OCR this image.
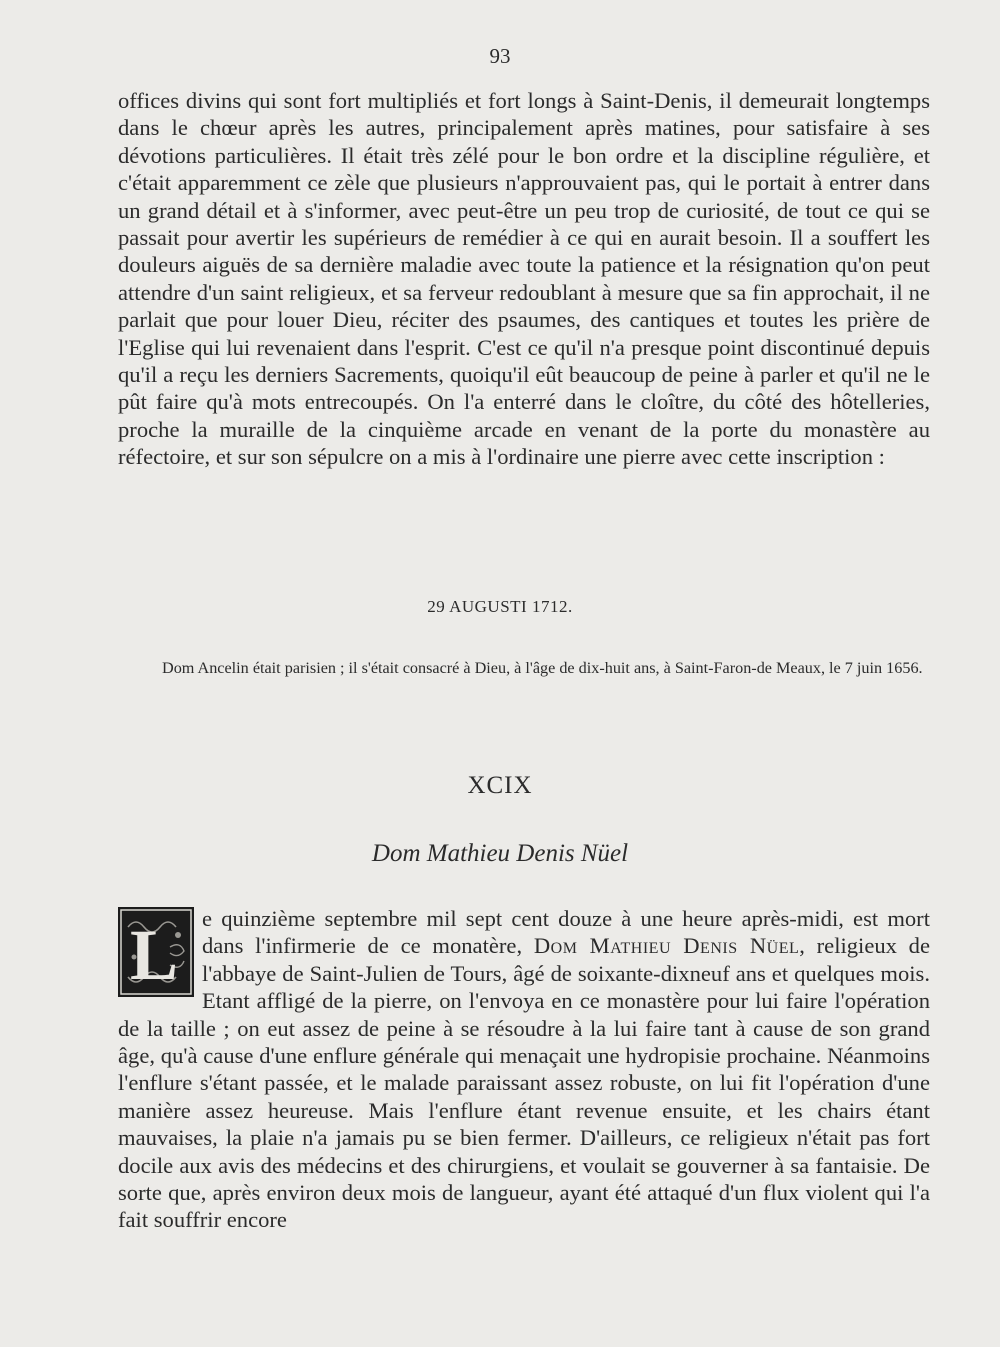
93

offices divins qui sont fort multipliés et fort longs à Saint-Denis, il demeurait longtemps dans le chœur après les autres, principalement après matines, pour satisfaire à ses dévotions particulières. Il était très zélé pour le bon ordre et la discipline régulière, et c'était apparemment ce zèle que plusieurs n'approuvaient pas, qui le portait à entrer dans un grand détail et à s'informer, avec peut-être un peu trop de curiosité, de tout ce qui se passait pour avertir les supérieurs de remédier à ce qui en aurait besoin. Il a souffert les douleurs aiguës de sa dernière maladie avec toute la patience et la résignation qu'on peut attendre d'un saint religieux, et sa ferveur redoublant à mesure que sa fin approchait, il ne parlait que pour louer Dieu, réciter des psaumes, des cantiques et toutes les prière de l'Eglise qui lui revenaient dans l'esprit. C'est ce qu'il n'a presque point discontinué depuis qu'il a reçu les derniers Sacrements, quoiqu'il eût beaucoup de peine à parler et qu'il ne le pût faire qu'à mots entrecoupés. On l'a enterré dans le cloître, du côté des hôtelleries, proche la muraille de la cinquième arcade en venant de la porte du monastère au réfectoire, et sur son sépulcre on a mis à l'ordinaire une pierre avec cette inscription :

29 AUGUSTI 1712.

Dom Ancelin était parisien ; il s'était consacré à Dieu, à l'âge de dix-huit ans, à Saint-Faron-de Meaux, le 7 juin 1656.

XCIX
Dom Mathieu Denis Nüel

L e quinzième septembre mil sept cent douze à une heure après-midi, est mort dans l'infirmerie de ce monatère, Dom Mathieu Denis Nüel, religieux de l'abbaye de Saint-Julien de Tours, âgé de soixante-dixneuf ans et quelques mois. Etant affligé de la pierre, on l'envoya en ce monastère pour lui faire l'opération de la taille ; on eut assez de peine à se résoudre à la lui faire tant à cause de son grand âge, qu'à cause d'une enflure générale qui menaçait une hydropisie prochaine. Néanmoins l'enflure s'étant passée, et le malade paraissant assez robuste, on lui fit l'opération d'une manière assez heureuse. Mais l'enflure étant revenue ensuite, et les chairs étant mauvaises, la plaie n'a jamais pu se bien fermer. D'ailleurs, ce religieux n'était pas fort docile aux avis des médecins et des chirurgiens, et voulait se gouverner à sa fantaisie. De sorte que, après environ deux mois de langueur, ayant été attaqué d'un flux violent qui l'a fait souffrir encore
